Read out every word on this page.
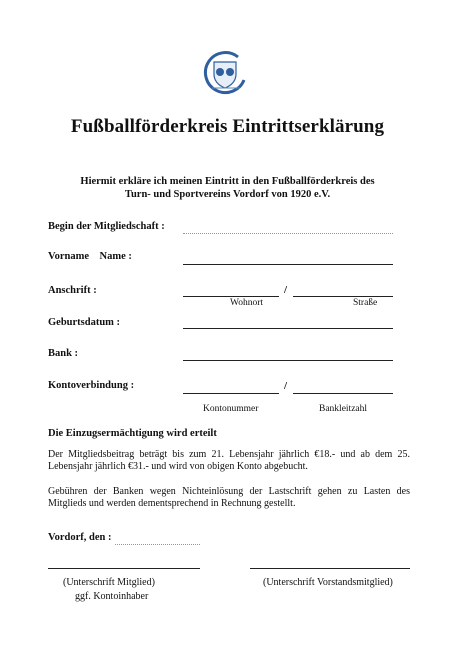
Fußballförderkreis Eintrittserklärung
Hiermit erkläre ich meinen Eintritt in den Fußballförderkreis des Turn- und Sportvereins Vordorf von 1920 e.V.
Begin der Mitgliedschaft :
Vorname    Name :
Anschrift :	/
Wohnort	Straße
Geburtsdatum :
Bank :
Kontoverbindung :	/
Kontonummer	Bankleitzahl
Die Einzugsermächtigung wird erteilt
Der Mitgliedsbeitrag beträgt bis zum 21. Lebensjahr jährlich €18.- und ab dem 25. Lebensjahr jährlich €31.- und wird von obigen Konto abgebucht.
Gebühren der Banken wegen Nichteinlösung der Lastschrift gehen zu Lasten des Mitglieds und werden dementsprechend in Rechnung gestellt.
Vordorf, den :
(Unterschrift Mitglied)
ggf. Kontoinhaber
(Unterschrift Vorstandsmitglied)
